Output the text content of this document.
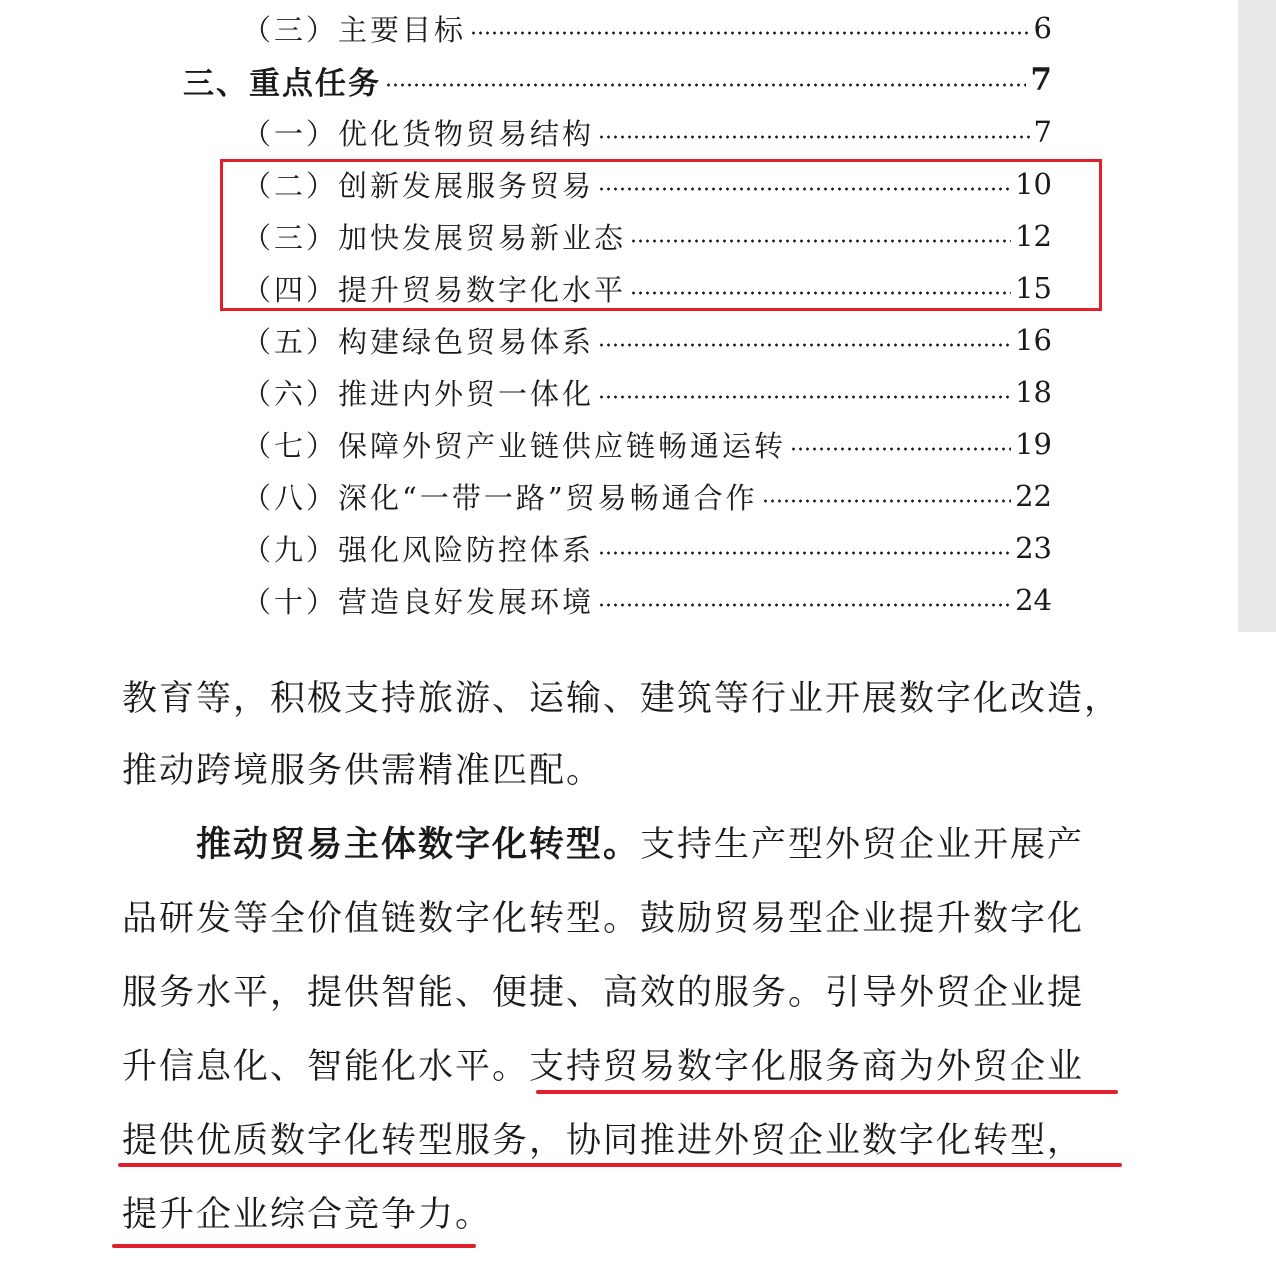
（三）主要目标	6
三、重点任务	7
（一）优化货物贸易结构	7
（二）创新发展服务贸易	10
（三）加快发展贸易新业态	12
（四）提升贸易数字化水平	15
（五）构建绿色贸易体系	16
（六）推进内外贸一体化	18
（七）保障外贸产业链供应链畅通运转	19
（八）深化“一带一路”贸易畅通合作	22
（九）强化风险防控体系	23
（十）营造良好发展环境	24
教育等，积极支持旅游、运输、建筑等行业开展数字化改造，
推动跨境服务供需精准匹配。
推动贸易主体数字化转型。支持生产型外贸企业开展产
品研发等全价值链数字化转型。鼓励贸易型企业提升数字化
服务水平，提供智能、便捷、高效的服务。引导外贸企业提
升信息化、智能化水平。支持贸易数字化服务商为外贸企业
提供优质数字化转型服务，协同推进外贸企业数字化转型，
提升企业综合竞争力。
